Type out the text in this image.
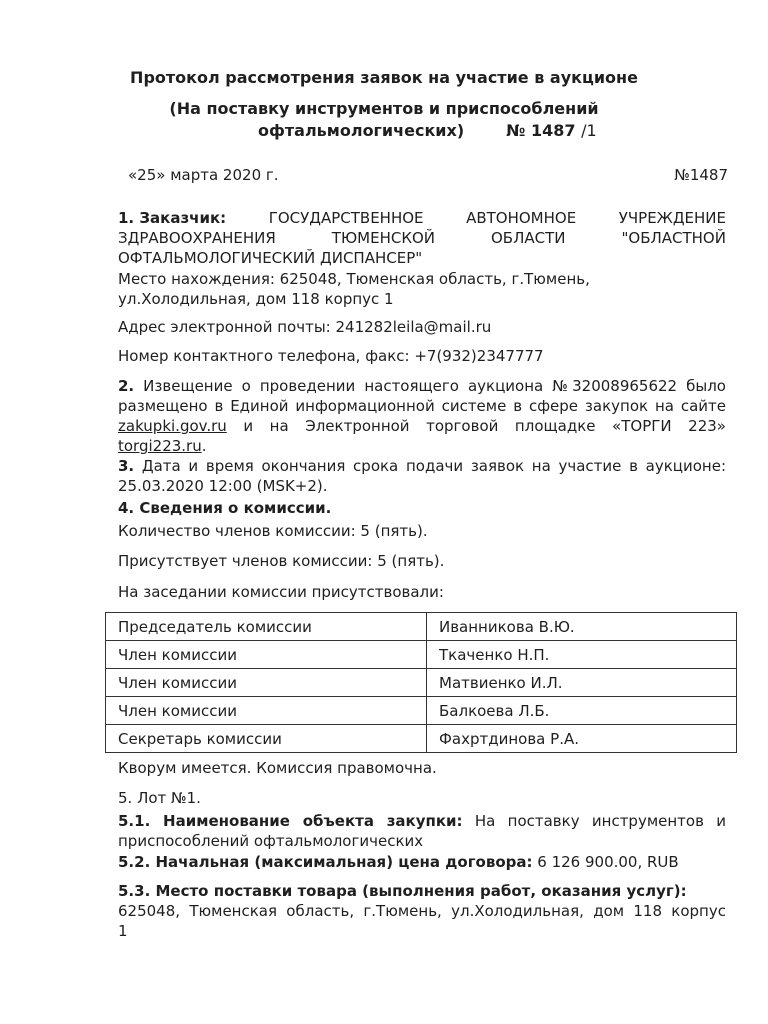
Протокол рассмотрения заявок на участие в аукционе
(На поставку инструментов и приспособлений
офтальмологических)	№ 1487 /1
«25» марта 2020 г.	№1487
1. Заказчик:	ГОСУДАРСТВЕННОЕ	АВТОНОМНОЕ	УЧРЕЖДЕНИЕ
ЗДРАВООХРАНЕНИЯ	ТЮМЕНСКОЙ	ОБЛАСТИ	"ОБЛАСТНОЙ
ОФТАЛЬМОЛОГИЧЕСКИЙ ДИСПАНСЕР"
Место нахождения: 625048, Тюменская область, г.Тюмень,
ул.Холодильная, дом 118 корпус 1
Адрес электронной почты: 241282leila@mail.ru
Номер контактного телефона, факс: +7(932)2347777
2. Извещение о проведении настоящего аукциона №32008965622 было
размещено в Единой информационной системе в сфере закупок на сайте
zakupki.gov.ru и на Электронной торговой площадке «ТОРГИ 223»
torgi223.ru.
3. Дата и время окончания срока подачи заявок на участие в аукционе:
25.03.2020 12:00 (MSK+2).
4. Сведения о комиссии.
Количество членов комиссии: 5 (пять).
Присутствует членов комиссии: 5 (пять).
На заседании комиссии присутствовали:
Председатель комиссии	Иванникова В.Ю.
Член комиссии	Ткаченко Н.П.
Член комиссии	Матвиенко И.Л.
Член комиссии	Балкоева Л.Б.
Секретарь комиссии	Фахртдинова Р.А.
Кворум имеется. Комиссия правомочна.
5. Лот №1.
5.1. Наименование объекта закупки: На поставку инструментов и
приспособлений офтальмологических
5.2. Начальная (максимальная) цена договора: 6 126 900.00, RUB
5.3. Место поставки товара (выполнения работ, оказания услуг):
625048, Тюменская область, г.Тюмень, ул.Холодильная, дом 118 корпус
1
